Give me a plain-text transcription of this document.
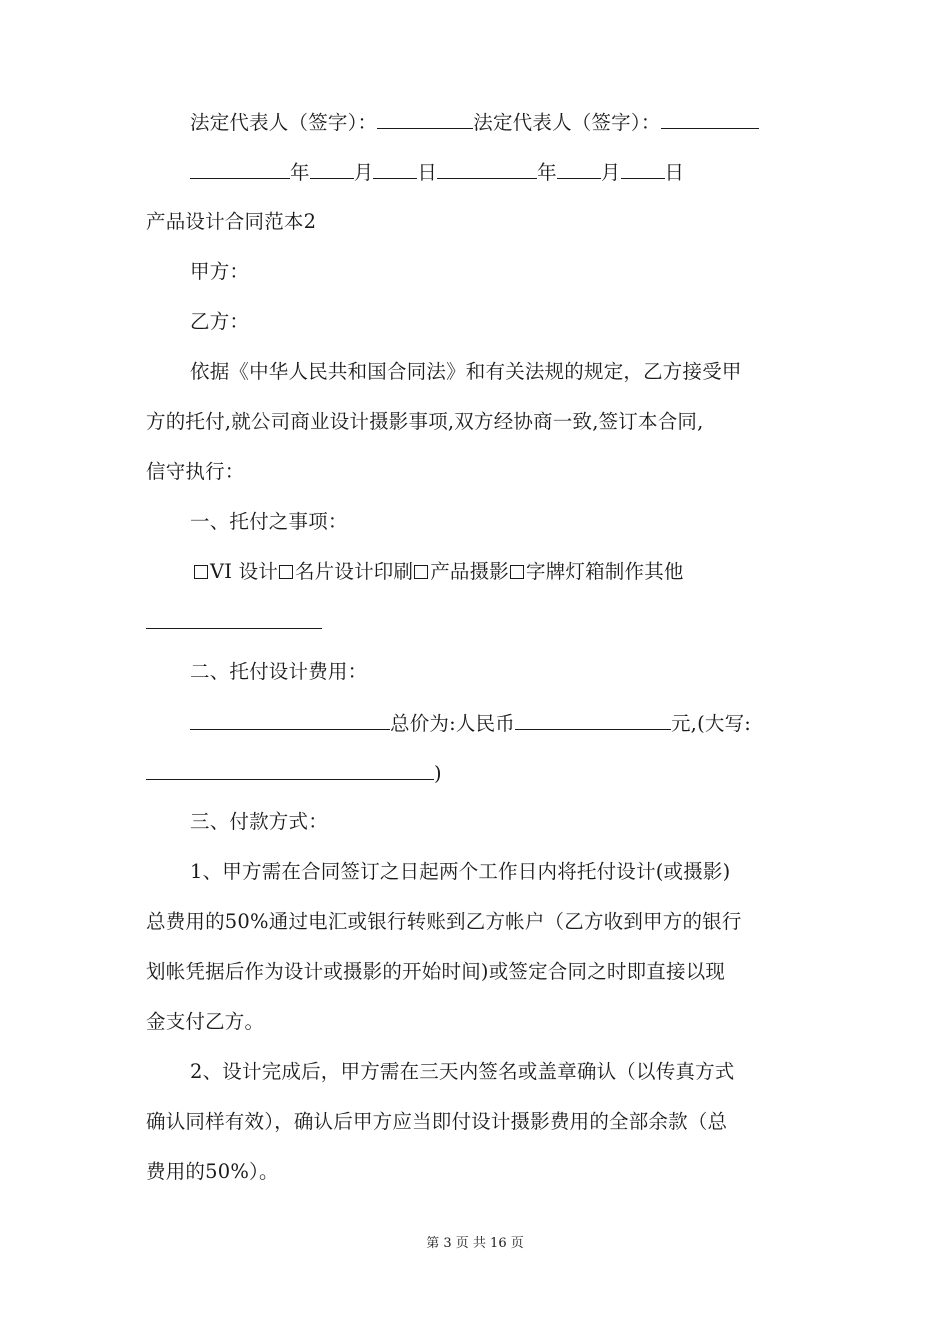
法定代表人（签字）：	法定代表人（签字）：
年 月 日	年 月 日
产品设计合同范本2
甲方：
乙方：
依据《中华人民共和国合同法》和有关法规的规定，乙方接受甲
方的托付,就公司商业设计摄影事项,双方经协商一致,签订本合同,
信守执行：
一、托付之事项：
VI 设计 名片设计印刷 产品摄影 字牌灯箱制作其他
二、托付设计费用：
总价为:人民币	元,(大写:
)
三、付款方式：
1、甲方需在合同签订之日起两个工作日内将托付设计(或摄影)
总费用的50%通过电汇或银行转账到乙方帐户（乙方收到甲方的银行
划帐凭据后作为设计或摄影的开始时间)或签定合同之时即直接以现
金支付乙方。
2、设计完成后，甲方需在三天内签名或盖章确认（以传真方式
确认同样有效），确认后甲方应当即付设计摄影费用的全部余款（总
费用的50%）。
第 3 页 共 16 页
